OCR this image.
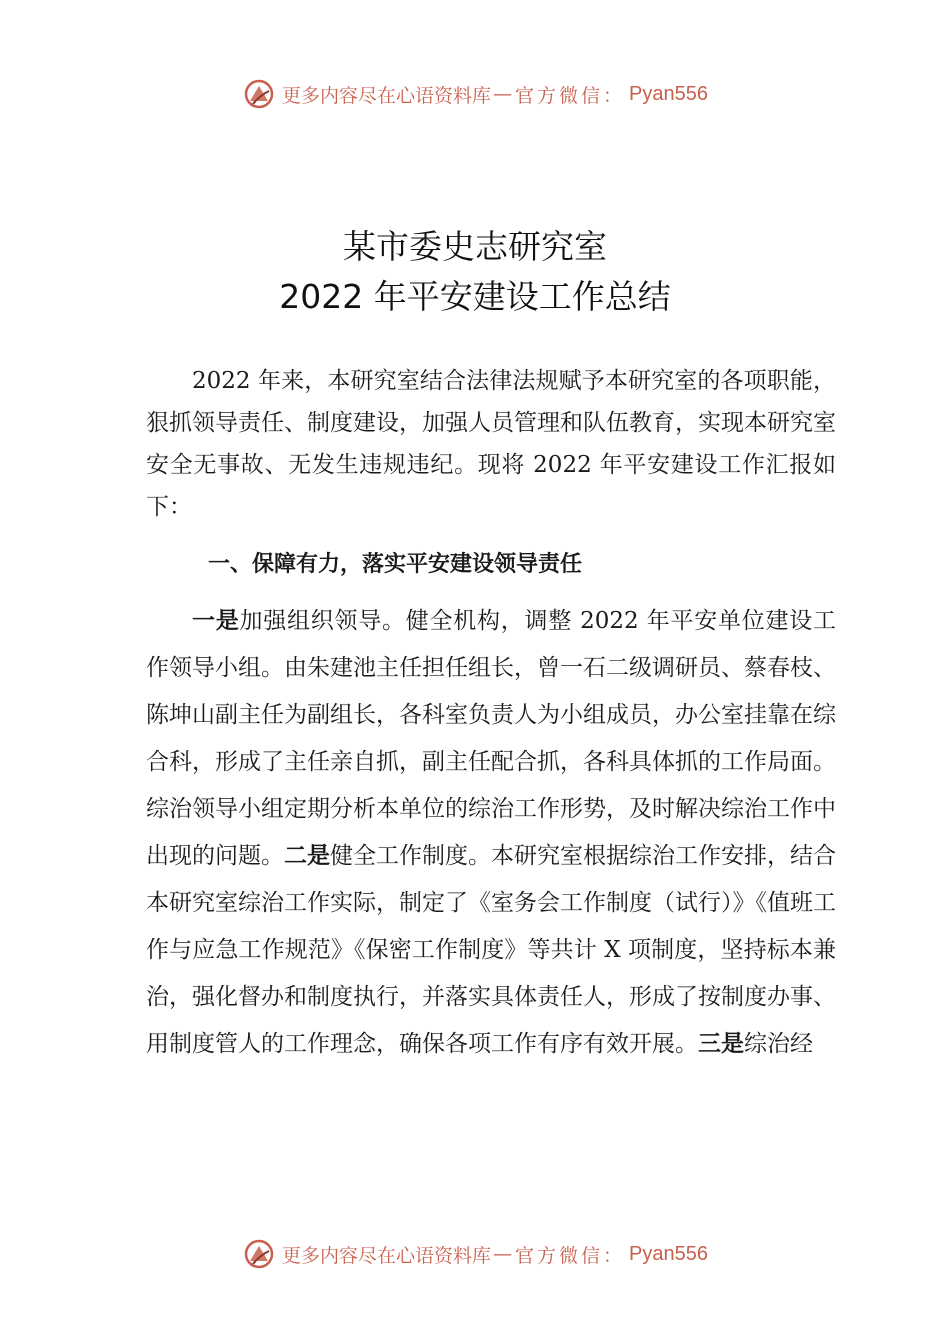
更多内容尽在心语资料库 — 官方微信： Pyan556
某市委史志研究室
2022 年平安建设工作总结

2022 年来，本研究室结合法律法规赋予本研究室的各项职能，狠抓领导责任、制度建设，加强人员管理和队伍教育，实现本研究室安全无事故、无发生违规违纪。现将 2022 年平安建设工作汇报如下：

一、保障有力，落实平安建设领导责任

一是加强组织领导。健全机构，调整 2022 年平安单位建设工作领导小组。由朱建池主任担任组长，曾一石二级调研员、蔡春枝、陈坤山副主任为副组长，各科室负责人为小组成员，办公室挂靠在综合科，形成了主任亲自抓，副主任配合抓，各科具体抓的工作局面。综治领导小组定期分析本单位的综治工作形势，及时解决综治工作中出现的问题。二是健全工作制度。本研究室根据综治工作安排，结合本研究室综治工作实际，制定了《室务会工作制度（试行）》《值班工作与应急工作规范》《保密工作制度》等共计 X 项制度，坚持标本兼治，强化督办和制度执行，并落实具体责任人，形成了按制度办事、用制度管人的工作理念，确保各项工作有序有效开展。三是综治经

更多内容尽在心语资料库 — 官方微信： Pyan556
